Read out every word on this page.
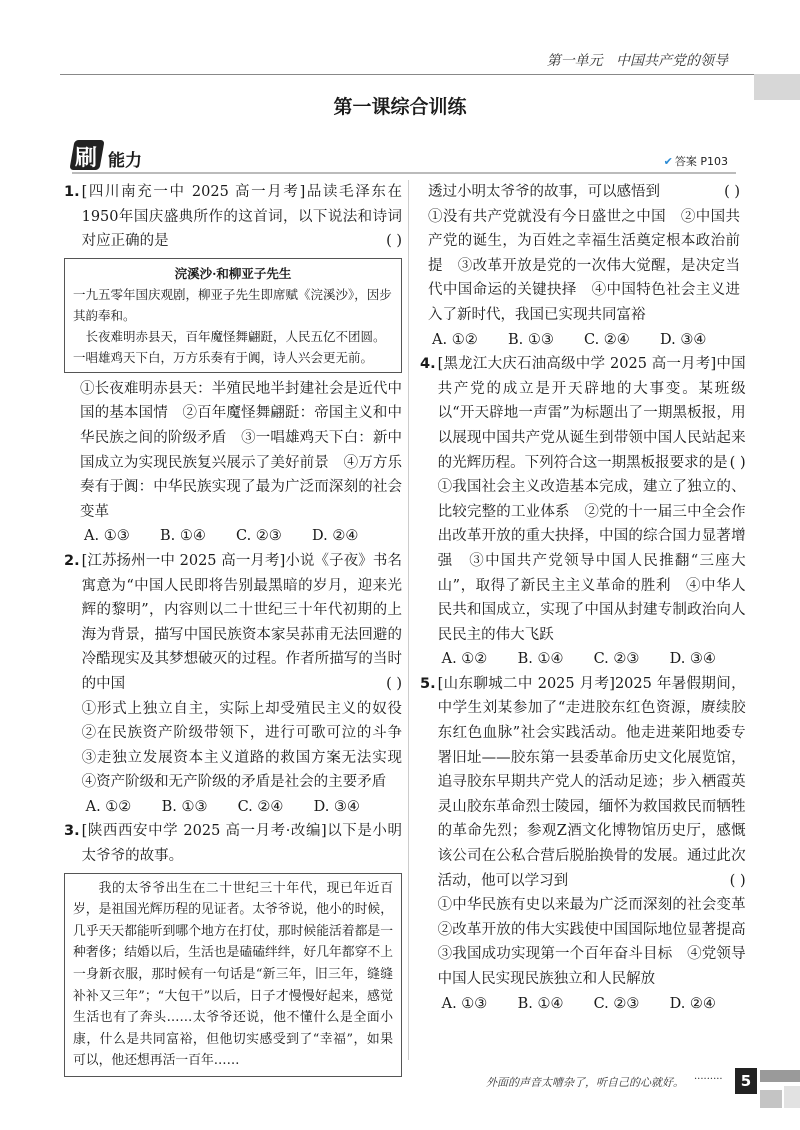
第一单元 中国共产党的领导
第一课综合训练
刷 能力	✔ 答案 P103
1. [四川南充一中 2025 高一月考]品读毛泽东在1950年国庆盛典所作的这首词，以下说法和诗词对应正确的是	( )

浣溪沙·和柳亚子先生
一九五零年国庆观剧，柳亚子先生即席赋《浣溪沙》，因步其韵奉和。
长夜难明赤县天，百年魔怪舞翩跹，人民五亿不团圆。
一唱雄鸡天下白，万方乐奏有于阗，诗人兴会更无前。

①长夜难明赤县天：半殖民地半封建社会是近代中国的基本国情　②百年魔怪舞翩跹：帝国主义和中华民族之间的阶级矛盾　③一唱雄鸡天下白：新中国成立为实现民族复兴展示了美好前景　④万方乐奏有于阗：中华民族实现了最为广泛而深刻的社会变革

A. ①③	B. ①④	C. ②③	D. ②④
2. [江苏扬州一中 2025 高一月考]小说《子夜》书名寓意为“中国人民即将告别最黑暗的岁月，迎来光辉的黎明”，内容则以二十世纪三十年代初期的上海为背景，描写中国民族资本家吴荪甫无法回避的冷酷现实及其梦想破灭的过程。作者所描写的当时的中国	( )

①形式上独立自主，实际上却受殖民主义的奴役　②在民族资产阶级带领下，进行可歌可泣的斗争　③走独立发展资本主义道路的救国方案无法实现　④资产阶级和无产阶级的矛盾是社会的主要矛盾

A. ①②	B. ①③	C. ②④	D. ③④
3. [陕西西安中学 2025 高一月考·改编]以下是小明太爷爷的故事。

我的太爷爷出生在二十世纪三十年代，现已年近百岁，是祖国光辉历程的见证者。太爷爷说，他小的时候，几乎天天都能听到哪个地方在打仗，那时候能活着都是一种奢侈；结婚以后，生活也是磕磕绊绊，好几年都穿不上一身新衣服，那时候有一句话是“新三年，旧三年，缝缝补补又三年”；“大包干”以后，日子才慢慢好起来，感觉生活也有了奔头……太爷爷还说，他不懂什么是全面小康，什么是共同富裕，但他切实感受到了“幸福”，如果可以，他还想再活一百年……

透过小明太爷爷的故事，可以感悟到	( )

①没有共产党就没有今日盛世之中国　②中国共产党的诞生，为百姓之幸福生活奠定根本政治前提　③改革开放是党的一次伟大觉醒，是决定当代中国命运的关键抉择　④中国特色社会主义进入了新时代，我国已实现共同富裕

A. ①②	B. ①③	C. ②④	D. ③④
4. [黑龙江大庆石油高级中学 2025 高一月考]中国共产党的成立是开天辟地的大事变。某班级以“开天辟地一声雷”为标题出了一期黑板报，用以展现中国共产党从诞生到带领中国人民站起来的光辉历程。下列符合这一期黑板报要求的是 ( )

①我国社会主义改造基本完成，建立了独立的、比较完整的工业体系　②党的十一届三中全会作出改革开放的重大抉择，中国的综合国力显著增强　③中国共产党领导中国人民推翻“三座大山”，取得了新民主主义革命的胜利　④中华人民共和国成立，实现了中国从封建专制政治向人民民主的伟大飞跃

A. ①②	B. ①④	C. ②③	D. ③④
5. [山东聊城二中 2025 月考]2025 年暑假期间，中学生刘某参加了“走进胶东红色资源，赓续胶东红色血脉”社会实践活动。他走进莱阳地委专署旧址——胶东第一县委革命历史文化展览馆，追寻胶东早期共产党人的活动足迹；步入栖霞英灵山胶东革命烈士陵园，缅怀为救国救民而牺牲的革命先烈；参观Z酒文化博物馆历史厅，感慨该公司在公私合营后脱胎换骨的发展。通过此次活动，他可以学习到	( )

①中华民族有史以来最为广泛而深刻的社会变革　②改革开放的伟大实践使中国国际地位显著提高　③我国成功实现第一个百年奋斗目标　④党领导中国人民实现民族独立和人民解放

A. ①③	B. ①④	C. ②③	D. ②④
外面的声音太嘈杂了，听自己的心就好。 ·········	5
